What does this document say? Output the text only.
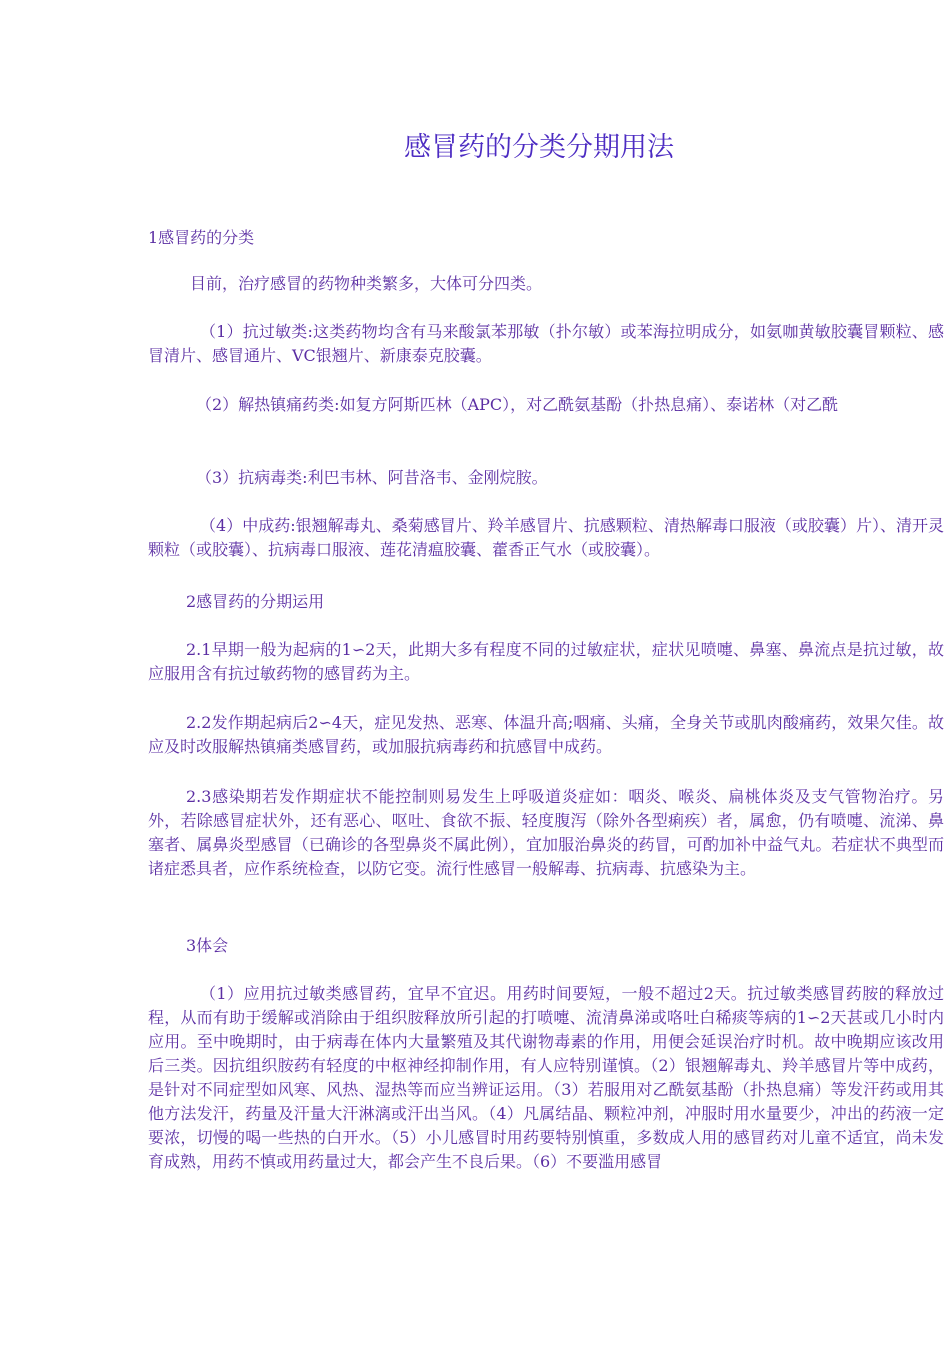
感冒药的分类分期用法
1感冒药的分类
目前，治疗感冒的药物种类繁多，大体可分四类。
（1）抗过敏类:这类药物均含有马来酸氯苯那敏（扑尔敏）或苯海拉明成分，如氨咖黄敏胶囊冒颗粒、感冒清片、感冒通片、VC银翘片、新康泰克胶囊。
（2）解热镇痛药类:如复方阿斯匹林（APC），对乙酰氨基酚（扑热息痛）、泰诺林（对乙酰
（3）抗病毒类:利巴韦林、阿昔洛韦、金刚烷胺。
（4）中成药:银翘解毒丸、桑菊感冒片、羚羊感冒片、抗感颗粒、清热解毒口服液（或胶囊）片）、清开灵颗粒（或胶囊）、抗病毒口服液、莲花清瘟胶囊、藿香正气水（或胶囊）。
2感冒药的分期运用
2.1早期一般为起病的1∽2天，此期大多有程度不同的过敏症状，症状见喷嚏、鼻塞、鼻流点是抗过敏，故应服用含有抗过敏药物的感冒药为主。
2.2发作期起病后2∽4天，症见发热、恶寒、体温升高;咽痛、头痛，全身关节或肌肉酸痛药，效果欠佳。故应及时改服解热镇痛类感冒药，或加服抗病毒药和抗感冒中成药。
2.3感染期若发作期症状不能控制则易发生上呼吸道炎症如：咽炎、喉炎、扁桃体炎及支气管物治疗。另外，若除感冒症状外，还有恶心、呕吐、食欲不振、轻度腹泻（除外各型痢疾）者，属愈，仍有喷嚏、流涕、鼻塞者、属鼻炎型感冒（已确诊的各型鼻炎不属此例），宜加服治鼻炎的药冒，可酌加补中益气丸。若症状不典型而诸症悉具者，应作系统检查，以防它变。流行性感冒一般解毒、抗病毒、抗感染为主。
3体会
（1）应用抗过敏类感冒药，宜早不宜迟。用药时间要短，一般不超过2天。抗过敏类感冒药胺的释放过程，从而有助于缓解或消除由于组织胺释放所引起的打喷嚏、流清鼻涕或咯吐白稀痰等病的1∽2天甚或几小时内应用。至中晚期时，由于病毒在体内大量繁殖及其代谢物毒素的作用，用便会延误治疗时机。故中晚期应该改用后三类。因抗组织胺药有轻度的中枢神经抑制作用，有人应特别谨慎。（2）银翘解毒丸、羚羊感冒片等中成药，是针对不同症型如风寒、风热、湿热等而应当辨证运用。（3）若服用对乙酰氨基酚（扑热息痛）等发汗药或用其他方法发汗，药量及汗量大汗淋漓或汗出当风。（4）凡属结晶、颗粒冲剂，冲服时用水量要少，冲出的药液一定要浓，切慢的喝一些热的白开水。（5）小儿感冒时用药要特别慎重，多数成人用的感冒药对儿童不适宜，尚未发育成熟，用药不慎或用药量过大，都会产生不良后果。（6）不要滥用感冒
